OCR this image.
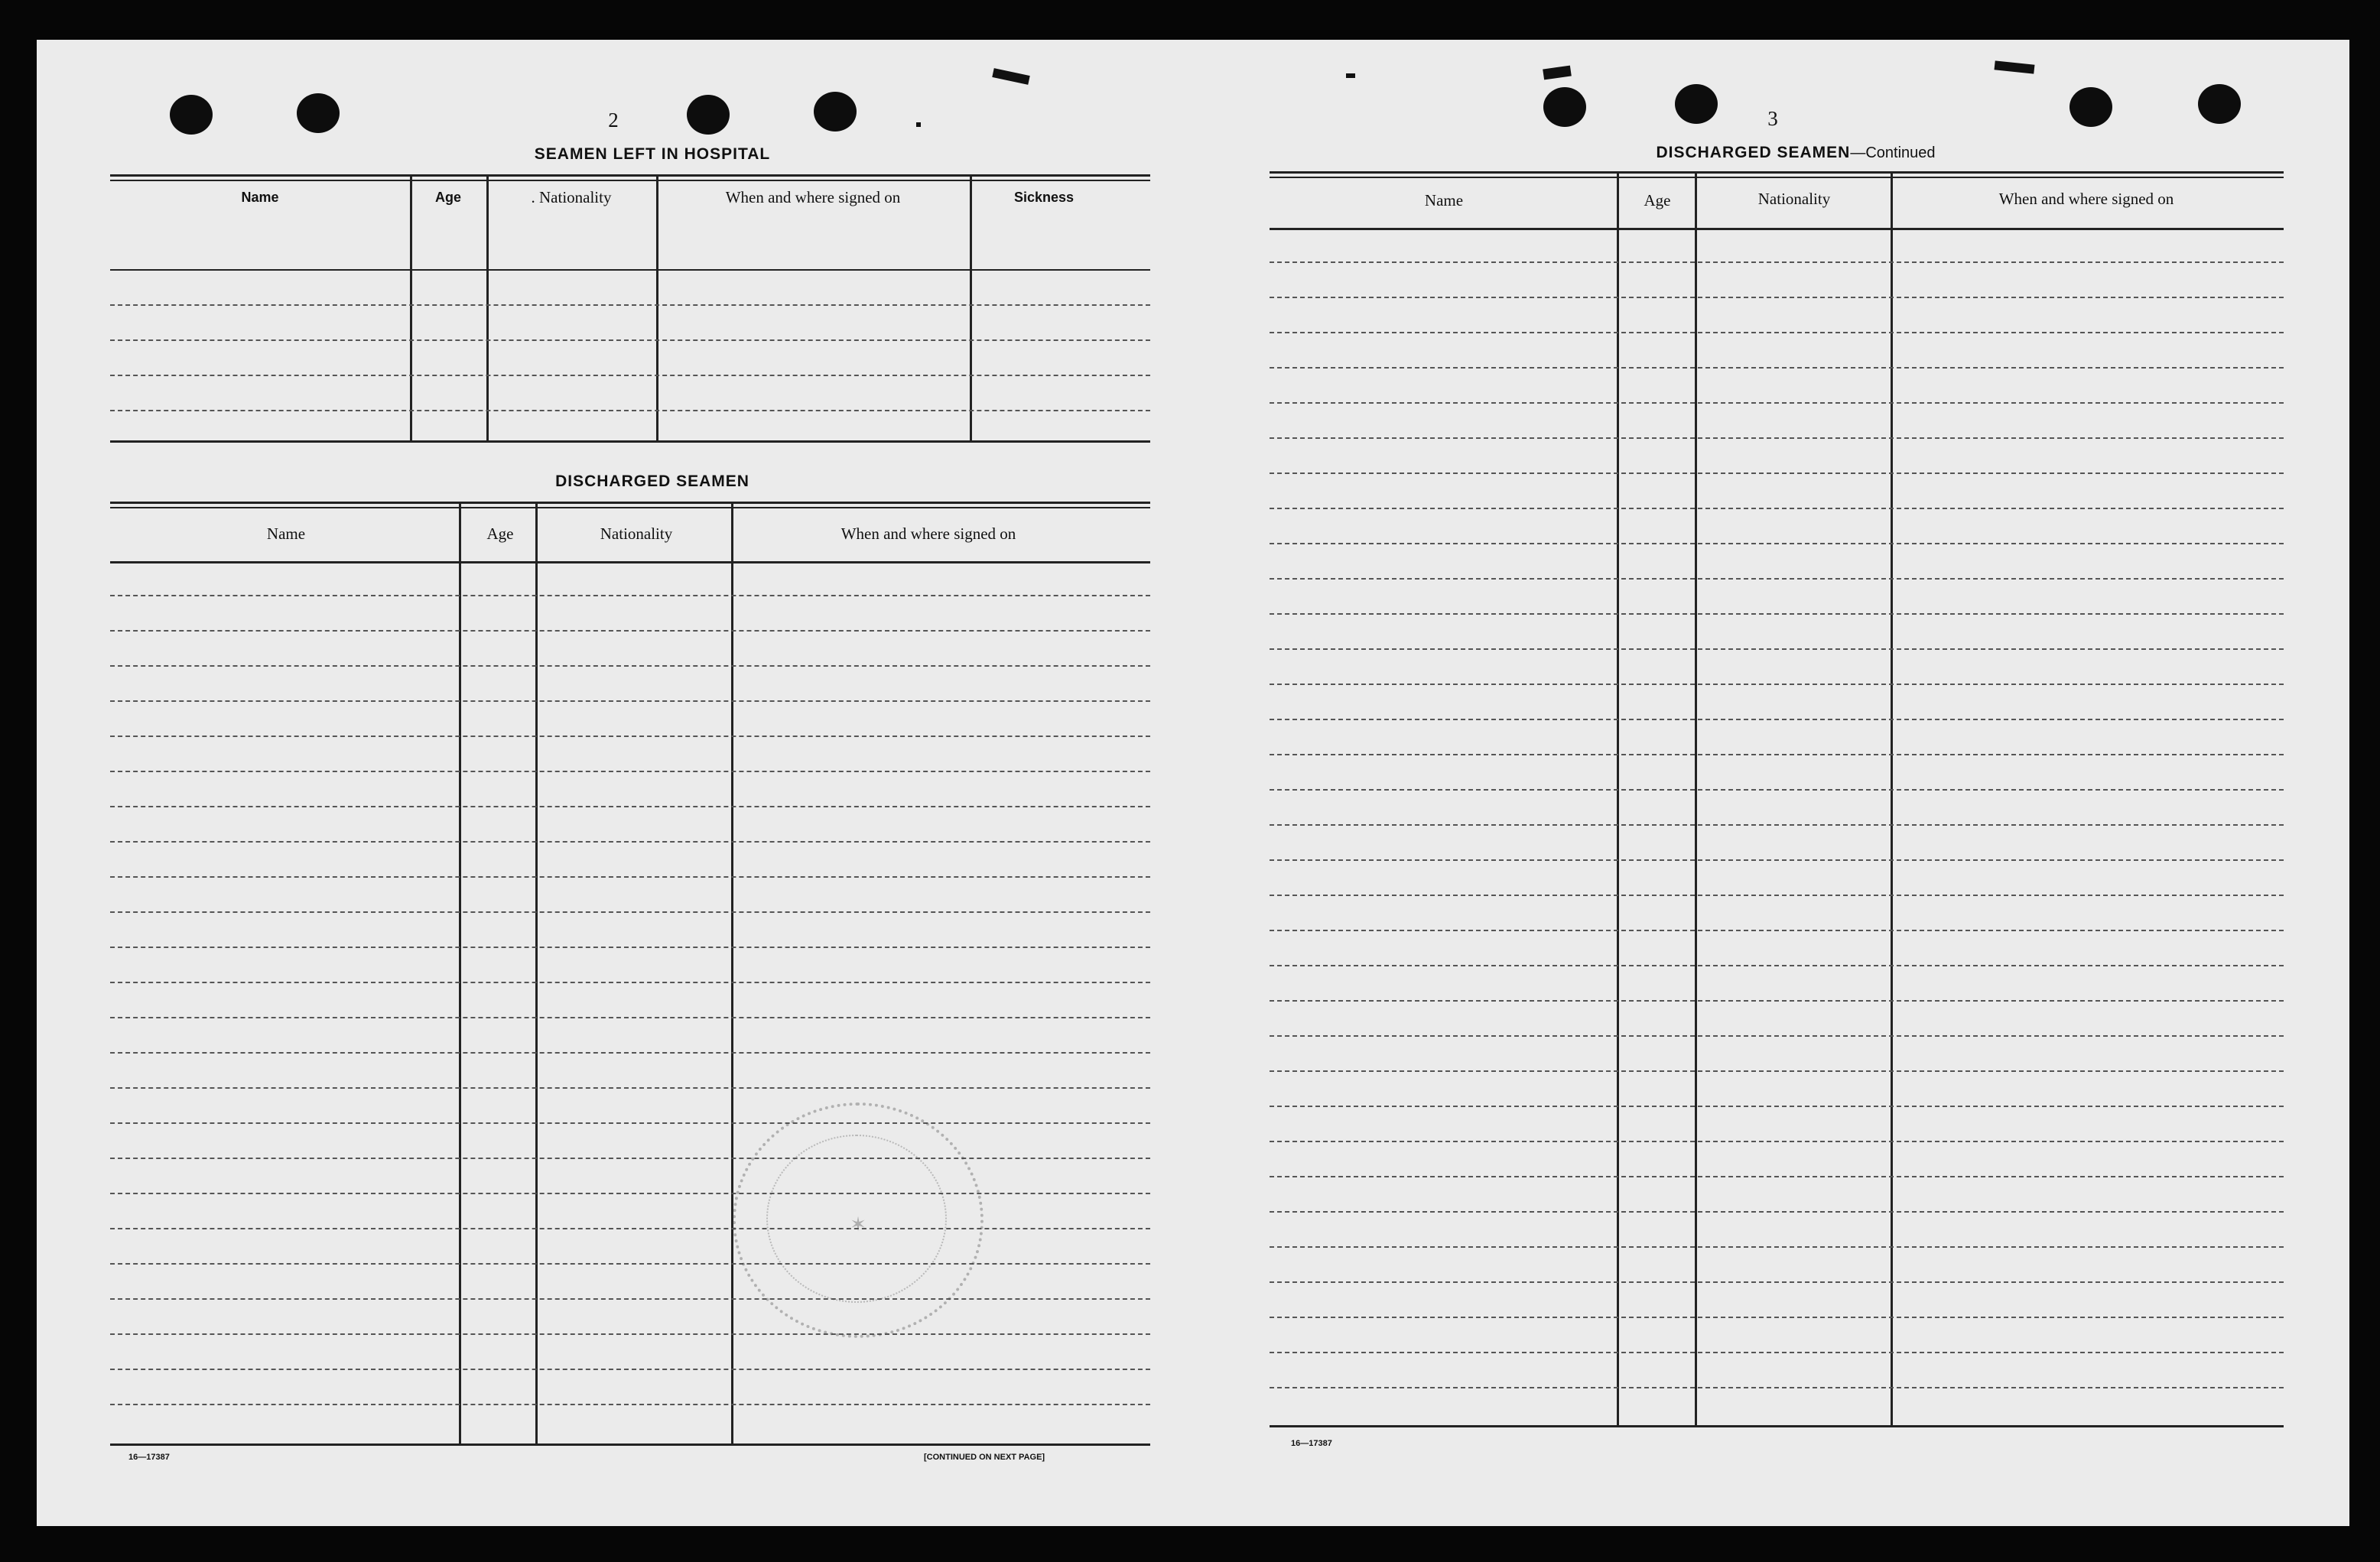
2
SEAMEN LEFT IN HOSPITAL
Name	Age	. Nationality	When and where signed on	Sickness
DISCHARGED SEAMEN
Name	Age	Nationality	When and where signed on
✶
16—17387	[CONTINUED ON NEXT PAGE]
3
DISCHARGED SEAMEN—Continued
Name	Age	Nationality	When and where signed on
16—17387
